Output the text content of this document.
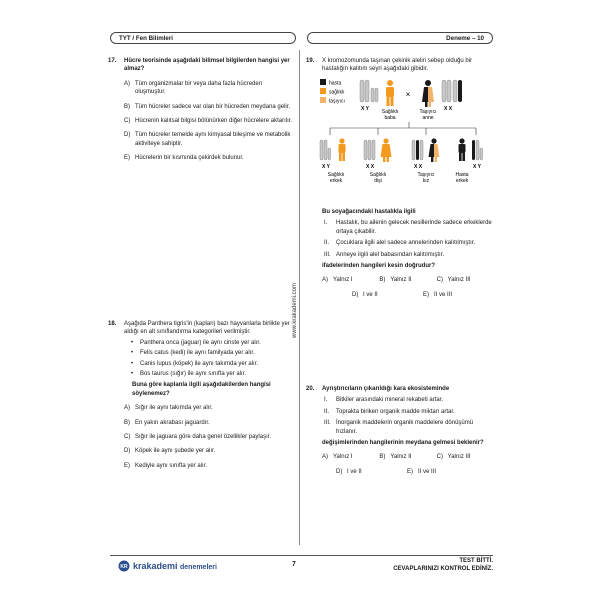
TYT / Fen Bilimleri	Deneme – 10
www.krakademi.com
17. Hücre teorisinde aşağıdaki bilimsel bilgilerden hangisi yer almaz?
A) Tüm organizmalar bir veya daha fazla hücreden oluşmuştur.
B) Tüm hücreler sadece var olan bir hücreden meydana gelir.
C) Hücrenin kalıtsal bilgisi bölünürken diğer hücrelere aktarılır.
D) Tüm hücreler temelde aynı kimyasal bileşime ve metabolik aktiviteye sahiptir.
E) Hücrelerin bir kısmında çekirdek bulunur.
18. Aşağıda Panthera tigris'in (kaplan) bazı hayvanlarla birlikte yer aldığı en alt sınıflandırma kategorileri verilmiştir.
• Panthera onca (jaguar) ile aynı cinste yer alır.
• Felis catus (kedi) ile aynı familyada yer alır.
• Canis lupus (köpek) ile aynı takımda yer alır.
• Bos taurus (sığır) ile aynı sınıfta yer alır.
Buna göre kaplanla ilgili aşağıdakilerden hangisi söylenemez?
A) Sığır ile aynı takımda yer alır.
B) En yakın akrabası jaguardır.
C) Sığır ile jaguara göre daha genel özellikler paylaşır.
D) Köpek ile aynı şubede yer alır.
E) Kediyle aynı sınıfta yer alır.
19. X kromozomunda taşınan çekinik alelin sebep olduğu bir hastalığın kalıtım seyri aşağıdaki gibidir.
hasta
sağlıklı
taşıyıcı
X Y	Sağlıklı
baba
×
Taşıyıcı
anne
X X
X Y
Sağlıklı
erkek
X X
Sağlıklı
dişi
X X
Taşıyıcı
kız
X Y
Hasta
erkek
Bu soyağacındaki hastalıkla ilgili
I. Hastalık, bu ailenin gelecek nesillerinde sadece erkeklerde ortaya çıkabilir.
II. Çocuklara ilgili alel sadece annelerinden kalıtılmıştır.
III. Anneye ilgili alel babasından kalıtılmıştır.
ifadelerinden hangileri kesin doğrudur?
A) Yalnız I	B) Yalnız II	C) Yalnız III
D) I ve II	E) II ve III
20. Ayrıştırıcıların çıkarıldığı kara ekosisteminde
I. Bitkiler arasındaki mineral rekabeti artar.
II. Toprakta biriken organik madde miktarı artar.
III. İnorganik maddelerin organik maddelere dönüşümü hızlanır.
değişimlerinden hangilerinin meydana gelmesi beklenir?
A) Yalnız I	B) Yalnız II	C) Yalnız III
D) I ve II	E) II ve III
KR krakademi denemeleri	7	TEST BİTTİ.
CEVAPLARINIZI KONTROL EDİNİZ.
